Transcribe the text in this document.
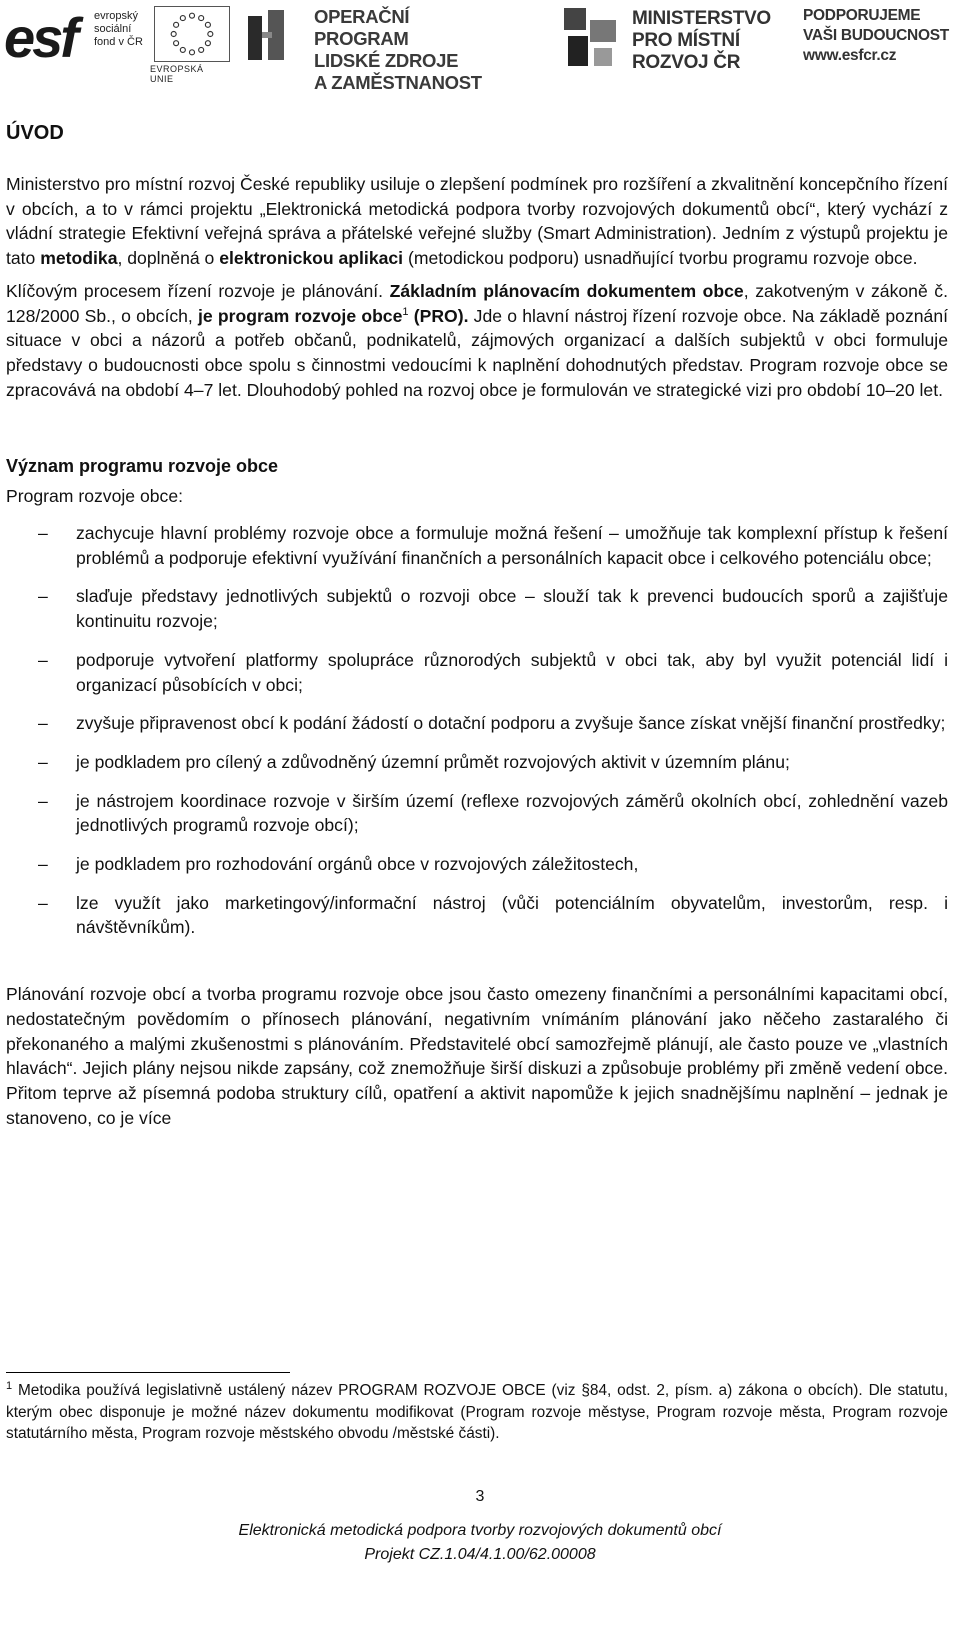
esf evropský
sociální
fond v ČR
EVROPSKÁ UNIE
OPERAČNÍ PROGRAM
LIDSKÉ ZDROJE
A ZAMĚSTNANOST
MINISTERSTVO
PRO MÍSTNÍ
ROZVOJ ČR
PODPORUJEME
VAŠI BUDOUCNOST
www.esfcr.cz
ÚVOD

Ministerstvo pro místní rozvoj České republiky usiluje o zlepšení podmínek pro rozšíření a zkvalitnění koncepčního řízení v obcích, a to v rámci projektu „Elektronická metodická podpora tvorby rozvojových dokumentů obcí“, který vychází z vládní strategie Efektivní veřejná správa a přátelské veřejné služby (Smart Administration). Jedním z výstupů projektu je tato metodika, doplněná o elektronickou aplikaci (metodickou podporu) usnadňující tvorbu programu rozvoje obce.

Klíčovým procesem řízení rozvoje je plánování. Základním plánovacím dokumentem obce, zakotveným v zákoně č. 128/2000 Sb., o obcích, je program rozvoje obce$^1$ (PRO). Jde o hlavní nástroj řízení rozvoje obce. Na základě poznání situace v obci a názorů a potřeb občanů, podnikatelů, zájmových organizací a dalších subjektů v obci formuluje představy o budoucnosti obce spolu s činnostmi vedoucími k naplnění dohodnutých představ. Program rozvoje obce se zpracovává na období 4–7 let. Dlouhodobý pohled na rozvoj obce je formulován ve strategické vizi pro období 10–20 let.

Význam programu rozvoje obce
Program rozvoje obce:
– zachycuje hlavní problémy rozvoje obce a formuluje možná řešení – umožňuje tak komplexní přístup k řešení problémů a podporuje efektivní využívání finančních a personálních kapacit obce i celkového potenciálu obce;
– slaďuje představy jednotlivých subjektů o rozvoji obce – slouží tak k prevenci budoucích sporů a zajišťuje kontinuitu rozvoje;
– podporuje vytvoření platformy spolupráce různorodých subjektů v obci tak, aby byl využit potenciál lidí i organizací působících v obci;
– zvyšuje připravenost obcí k podání žádostí o dotační podporu a zvyšuje šance získat vnější finanční prostředky;
– je podkladem pro cílený a zdůvodněný územní průmět rozvojových aktivit v územním plánu;
– je nástrojem koordinace rozvoje v širším území (reflexe rozvojových záměrů okolních obcí, zohlednění vazeb jednotlivých programů rozvoje obcí);
– je podkladem pro rozhodování orgánů obce v rozvojových záležitostech,
– lze využít jako marketingový/informační nástroj (vůči potenciálním obyvatelům, investorům, resp. i návštěvníkům).

Plánování rozvoje obcí a tvorba programu rozvoje obce jsou často omezeny finančními a personálními kapacitami obcí, nedostatečným povědomím o přínosech plánování, negativním vnímáním plánování jako něčeho zastaralého či překonaného a malými zkušenostmi s plánováním. Představitelé obcí samozřejmě plánují, ale často pouze ve „vlastních hlavách“. Jejich plány nejsou nikde zapsány, což znemožňuje širší diskuzi a způsobuje problémy při změně vedení obce. Přitom teprve až písemná podoba struktury cílů, opatření a aktivit napomůže k jejich snadnějšímu naplnění – jednak je stanoveno, co je více

$^1$ Metodika používá legislativně ustálený název PROGRAM ROZVOJE OBCE (viz §84, odst. 2, písm. a) zákona o obcích). Dle statutu, kterým obec disponuje je možné název dokumentu modifikovat (Program rozvoje městyse, Program rozvoje města, Program rozvoje statutárního města, Program rozvoje městského obvodu /městské části).
3
Elektronická metodická podpora tvorby rozvojových dokumentů obcí
Projekt CZ.1.04/4.1.00/62.00008
